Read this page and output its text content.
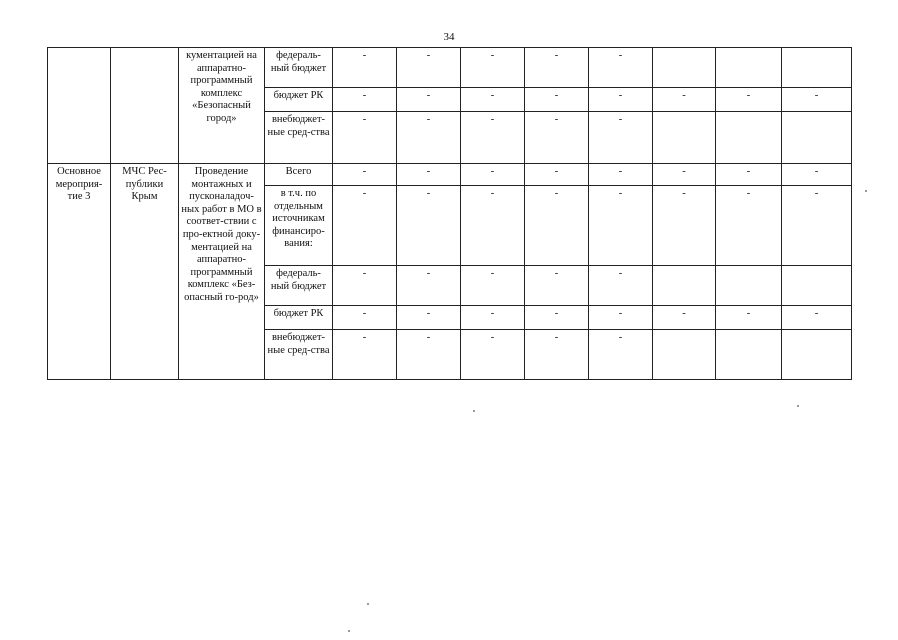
34
		кументацией на аппаратно-программный комплекс «Безопасный город»	федераль-ный бюджет	-	-	-	-	-			
			бюджет РК	-	-	-	-	-	-	-	-
			внебюджет-ные сред-ства	-	-	-	-	-			
Основное мероприя-тие 3	МЧС Рес-публики Крым	Проведение монтажных и пусконаладоч-ных работ в МО в соответ-ствии с про-ектной доку-ментацией на аппаратно-программный комплекс «Без-опасный го-род»	Всего	-	-	-	-	-	-	-	-
			в т.ч. по отдельным источникам финансиро-вания:	-	-	-	-	-	-	-	-
			федераль-ный бюджет	-	-	-	-	-			
			бюджет РК	-	-	-	-	-	-	-	-
			внебюджет-ные сред-ства	-	-	-	-	-			
